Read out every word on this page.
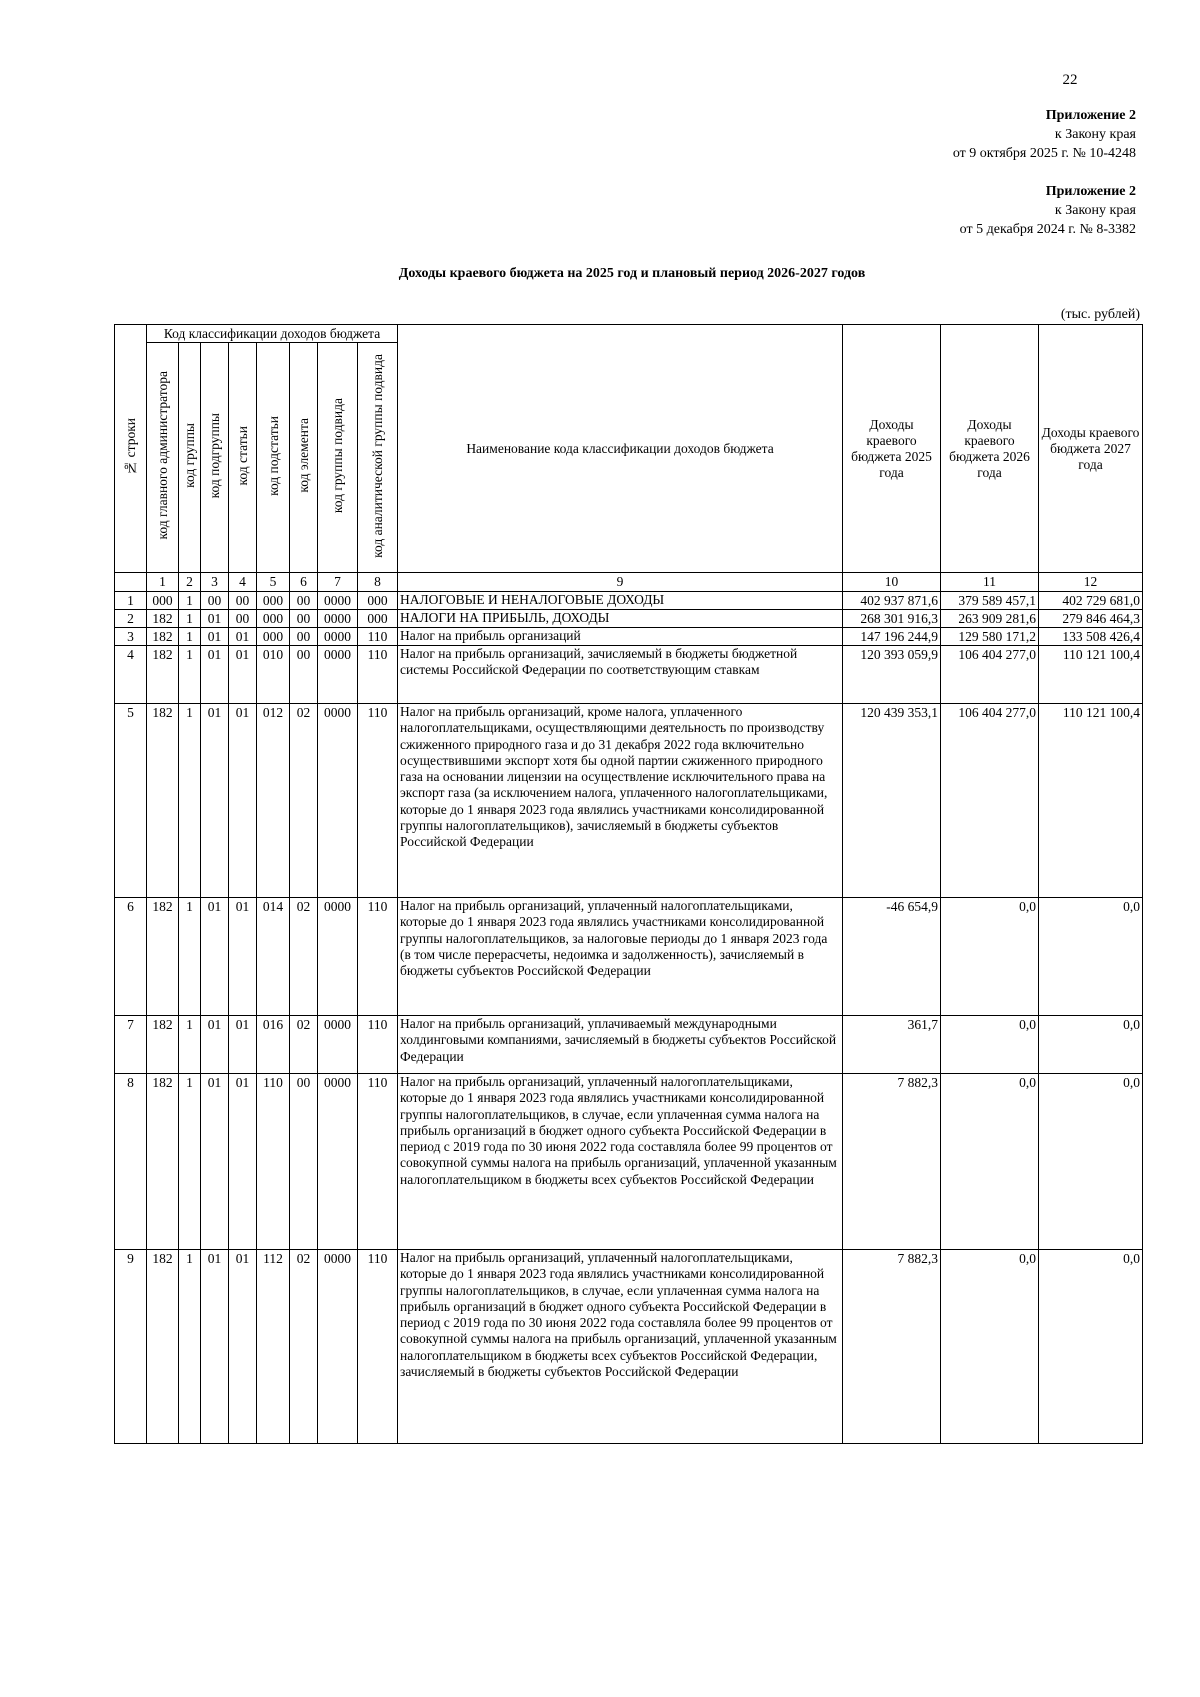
22
Приложение 2
к Закону края
от 9 октября 2025 г. № 10-4248
Приложение 2
к Закону края
от 5 декабря 2024 г. № 8-3382
Доходы краевого бюджета на 2025 год и плановый период 2026-2027 годов
(тыс. рублей)
№ строки	Код классификации доходов бюджета								Наименование кода классификации доходов бюджета	Доходы краевого бюджета 2025 года	Доходы краевого бюджета 2026 года	Доходы краевого бюджета 2027 года
	код главного администратора	код группы	код подгруппы	код статьи	код подстатьи	код элемента	код группы подвида	код аналитической группы подвида				
	1	2	3	4	5	6	7	8	9	10	11	12
1	000	1	00	00	000	00	0000	000	НАЛОГОВЫЕ И НЕНАЛОГОВЫЕ ДОХОДЫ	402 937 871,6	379 589 457,1	402 729 681,0
2	182	1	01	00	000	00	0000	000	НАЛОГИ НА ПРИБЫЛЬ, ДОХОДЫ	268 301 916,3	263 909 281,6	279 846 464,3
3	182	1	01	01	000	00	0000	110	Налог на прибыль организаций	147 196 244,9	129 580 171,2	133 508 426,4
4	182	1	01	01	010	00	0000	110	Налог на прибыль организаций, зачисляемый в бюджеты бюджетной системы Российской Федерации по соответствующим ставкам	120 393 059,9	106 404 277,0	110 121 100,4
5	182	1	01	01	012	02	0000	110	Налог на прибыль организаций, кроме налога, уплаченного налогоплательщиками, осуществляющими деятельность по производству сжиженного природного газа и до 31 декабря 2022 года включительно осуществившими экспорт хотя бы одной партии сжиженного природного газа на основании лицензии на осуществление исключительного права на экспорт газа (за исключением налога, уплаченного налогоплательщиками, которые до 1 января 2023 года являлись участниками консолидированной группы налогоплательщиков), зачисляемый в бюджеты субъектов Российской Федерации	120 439 353,1	106 404 277,0	110 121 100,4
6	182	1	01	01	014	02	0000	110	Налог на прибыль организаций, уплаченный налогоплательщиками, которые до 1 января 2023 года являлись участниками консолидированной группы налогоплательщиков, за налоговые периоды до 1 января 2023 года (в том числе перерасчеты, недоимка и задолженность), зачисляемый в бюджеты субъектов Российской Федерации	-46 654,9	0,0	0,0
7	182	1	01	01	016	02	0000	110	Налог на прибыль организаций, уплачиваемый международными холдинговыми компаниями, зачисляемый в бюджеты субъектов Российской Федерации	361,7	0,0	0,0
8	182	1	01	01	110	00	0000	110	Налог на прибыль организаций, уплаченный налогоплательщиками, которые до 1 января 2023 года являлись участниками консолидированной группы налогоплательщиков, в случае, если уплаченная сумма налога на прибыль организаций в бюджет одного субъекта Российской Федерации в период с 2019 года по 30 июня 2022 года составляла более 99 процентов от совокупной суммы налога на прибыль организаций, уплаченной указанным налогоплательщиком в бюджеты всех субъектов Российской Федерации	7 882,3	0,0	0,0
9	182	1	01	01	112	02	0000	110	Налог на прибыль организаций, уплаченный налогоплательщиками, которые до 1 января 2023 года являлись участниками консолидированной группы налогоплательщиков, в случае, если уплаченная сумма налога на прибыль организаций в бюджет одного субъекта Российской Федерации в период с 2019 года по 30 июня 2022 года составляла более 99 процентов от совокупной суммы налога на прибыль организаций, уплаченной указанным налогоплательщиком в бюджеты всех субъектов Российской Федерации, зачисляемый в бюджеты субъектов Российской Федерации	7 882,3	0,0	0,0
